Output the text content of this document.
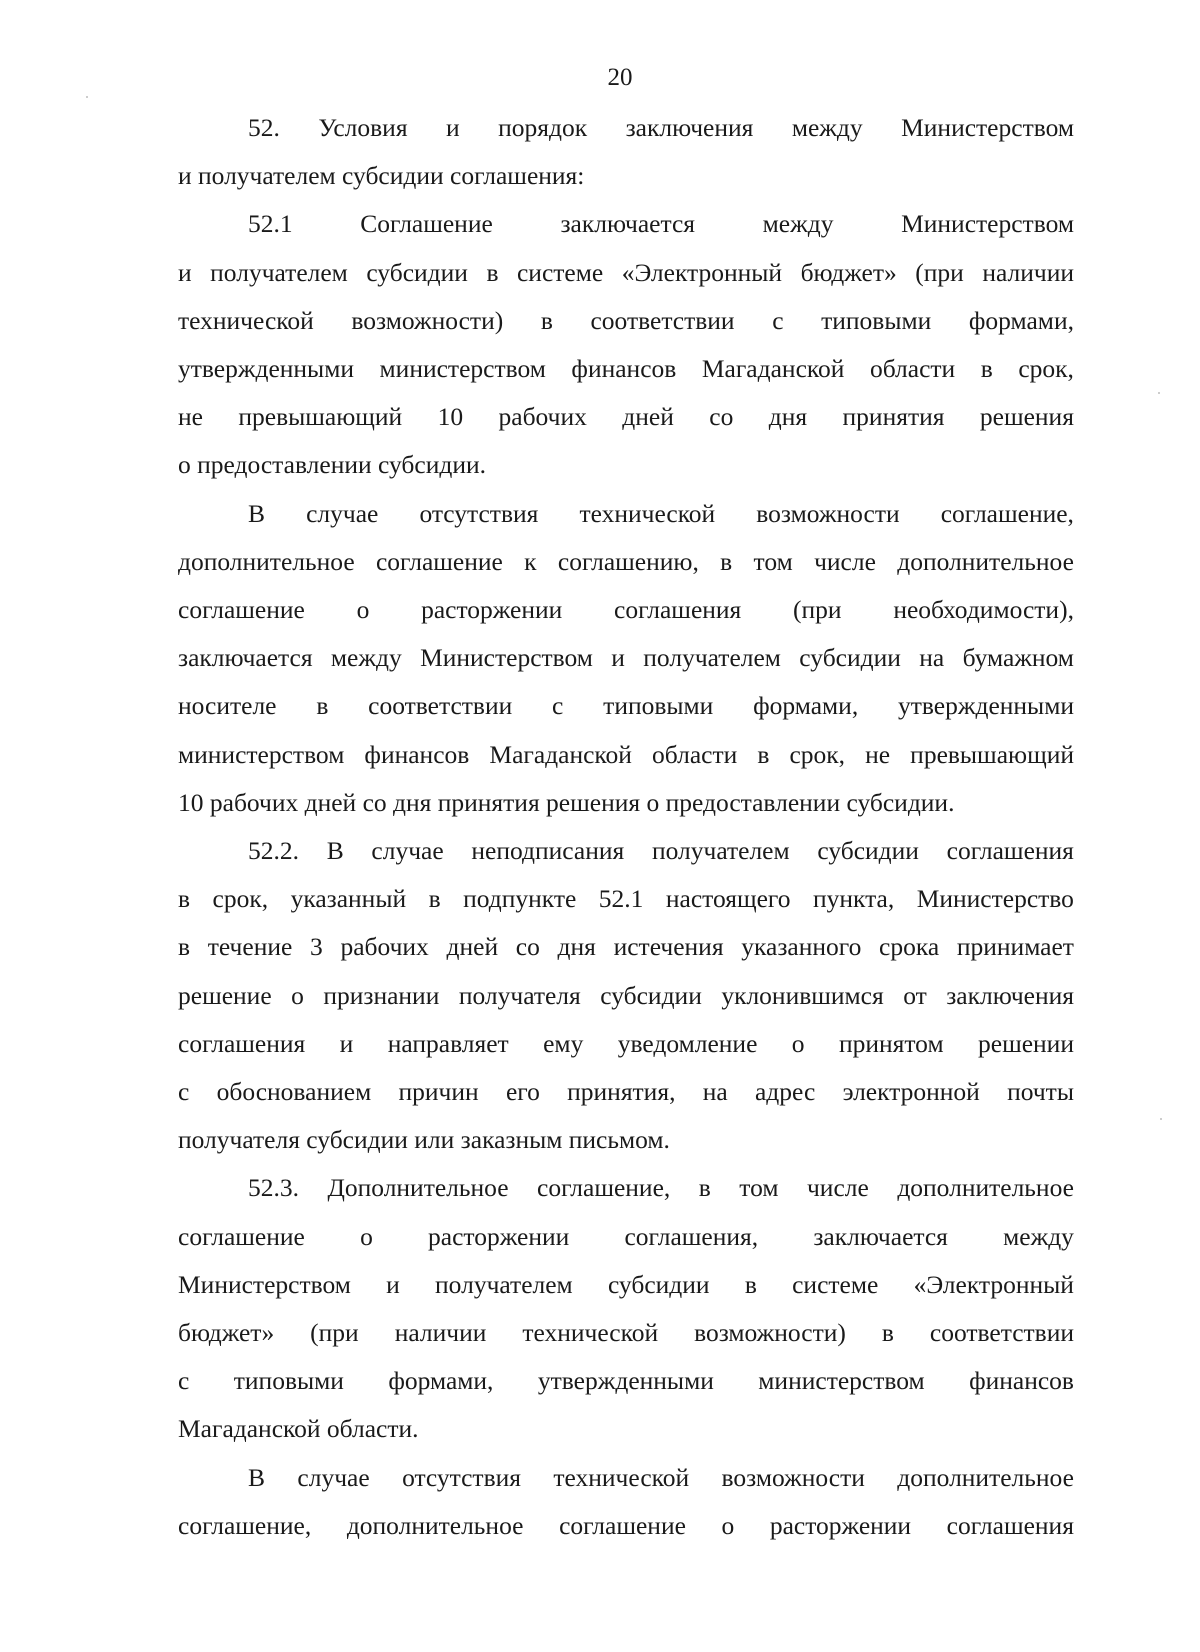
20
52. Условия и порядок заключения между Министерством
и получателем субсидии соглашения:
52.1	Соглашение	заключается	между	Министерством
и получателем субсидии в системе «Электронный бюджет» (при наличии
технической возможности) в соответствии с типовыми формами,
утвержденными министерством финансов Магаданской области в срок,
не превышающий 10 рабочих дней со дня принятия решения
о предоставлении субсидии.
В случае отсутствия технической возможности соглашение,
дополнительное соглашение к соглашению, в том числе дополнительное
соглашение о расторжении соглашения (при необходимости),
заключается между Министерством и получателем субсидии на бумажном
носителе в соответствии с типовыми формами, утвержденными
министерством финансов Магаданской области в срок, не превышающий
10 рабочих дней со дня принятия решения о предоставлении субсидии.
52.2. В случае неподписания получателем субсидии соглашения
в срок, указанный в подпункте 52.1 настоящего пункта, Министерство
в течение 3 рабочих дней со дня истечения указанного срока принимает
решение о признании получателя субсидии уклонившимся от заключения
соглашения и направляет ему уведомление о принятом решении
с обоснованием причин его принятия, на адрес электронной почты
получателя субсидии или заказным письмом.
52.3. Дополнительное соглашение, в том числе дополнительное
соглашение о расторжении соглашения, заключается между
Министерством и получателем субсидии в системе «Электронный
бюджет» (при наличии технической возможности) в соответствии
с типовыми формами, утвержденными министерством финансов
Магаданской области.
В случае отсутствия технической возможности дополнительное
соглашение, дополнительное соглашение о расторжении соглашения
